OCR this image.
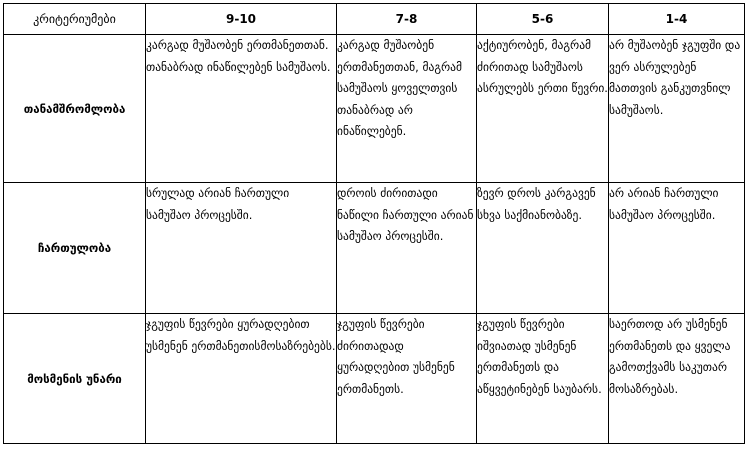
კრიტერიუმები	9-10	7-8	5-6	1-4
თანამშრომლობა	კარგად მუშაობენ ერთმანეთთან. თანაბრად ინაწილებენ სამუშაოს.	კარგად მუშაობენ ერთმანეთთან, მაგრამ სამუშაოს ყოველთვის თანაბრად არ ინაწილებენ.	აქტიურობენ, მაგრამ ძირითად სამუშაოს ასრულებს ერთი წევრი.	არ მუშაობენ ჯგუფში და ვერ ასრულებენ მათთვის განკუთვნილ სამუშაოს.
ჩართულობა	სრულად არიან ჩართული სამუშაო პროცესში.	დროის ძირითადი ნაწილი ჩართული არიან სამუშაო პროცესში.	ზევრ დროს კარგავენ სხვა საქმიანობაზე.	არ არიან ჩართული სამუშაო პროცესში.
მოსმენის უნარი	ჯგუფის წევრები ყურადღებით უსმენენ ერთმანეთისმოსაზრებებს.	ჯგუფის წევრები ძირითადად ყურადღებით უსმენენ ერთმანეთს.	ჯგუფის წევრები იშვიათად უსმენენ ერთმანეთს და აწყვეტინებენ საუბარს.	საერთოდ არ უსმენენ ერთმანეთს და ყველა გამოთქვამს საკუთარ მოსაზრებას.
